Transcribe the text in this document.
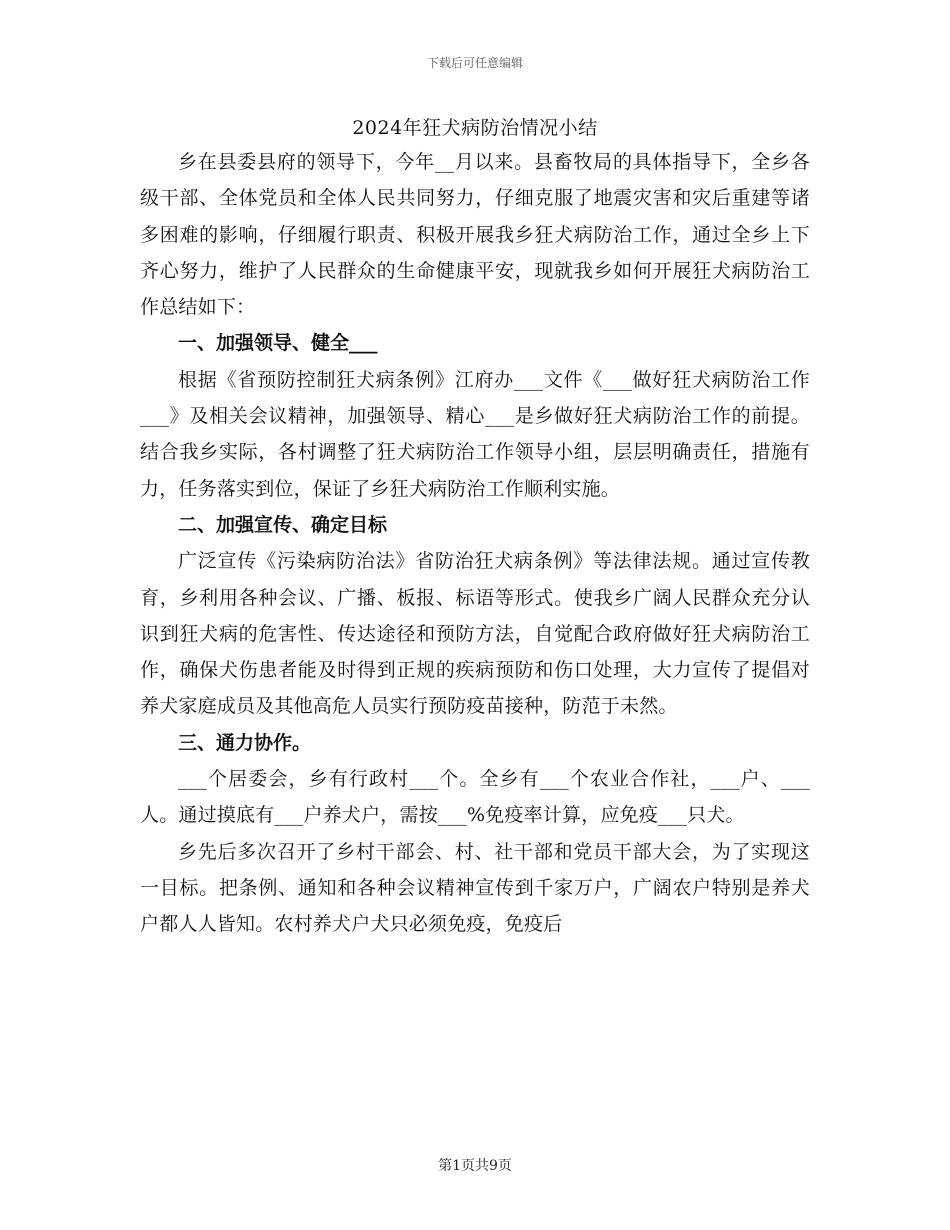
下载后可任意编辑
2024年狂犬病防治情况小结

乡在县委县府的领导下，今年__月以来。县畜牧局的具体指导下，全乡各级干部、全体党员和全体人民共同努力，仔细克服了地震灾害和灾后重建等诸多困难的影响，仔细履行职责、积极开展我乡狂犬病防治工作，通过全乡上下齐心努力，维护了人民群众的生命健康平安，现就我乡如何开展狂犬病防治工作总结如下：

一、加强领导、健全___

根据《省预防控制狂犬病条例》江府办___文件《___做好狂犬病防治工作___》及相关会议精神，加强领导、精心___是乡做好狂犬病防治工作的前提。结合我乡实际，各村调整了狂犬病防治工作领导小组，层层明确责任，措施有力，任务落实到位，保证了乡狂犬病防治工作顺利实施。

二、加强宣传、确定目标

广泛宣传《污染病防治法》省防治狂犬病条例》等法律法规。通过宣传教育，乡利用各种会议、广播、板报、标语等形式。使我乡广阔人民群众充分认识到狂犬病的危害性、传达途径和预防方法，自觉配合政府做好狂犬病防治工作，确保犬伤患者能及时得到正规的疾病预防和伤口处理，大力宣传了提倡对养犬家庭成员及其他高危人员实行预防疫苗接种，防范于未然。

三、通力协作。

___个居委会，乡有行政村___个。全乡有___个农业合作社，___户、___人。通过摸底有___户养犬户，需按___%免疫率计算，应免疫___只犬。

乡先后多次召开了乡村干部会、村、社干部和党员干部大会，为了实现这一目标。把条例、通知和各种会议精神宣传到千家万户，广阔农户特别是养犬户都人人皆知。农村养犬户犬只必须免疫，免疫后

第1页共9页
